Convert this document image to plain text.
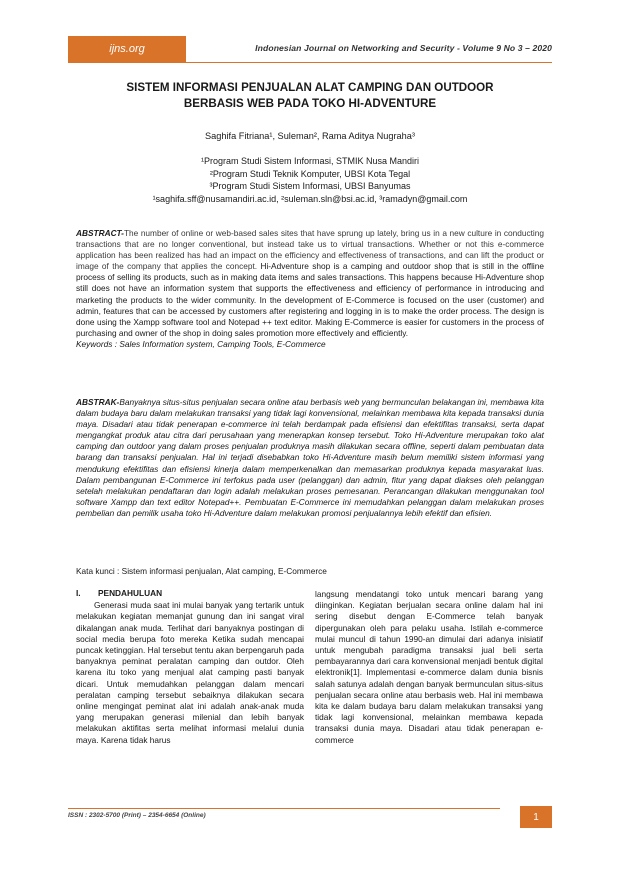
ijns.org	Indonesian Journal on Networking and Security - Volume 9 No 3 – 2020
SISTEM INFORMASI PENJUALAN ALAT CAMPING DAN OUTDOOR
BERBASIS WEB PADA TOKO HI-ADVENTURE
Saghifa Fitriana¹, Suleman², Rama Aditya Nugraha³
¹Program Studi Sistem Informasi, STMIK Nusa Mandiri
²Program Studi Teknik Komputer, UBSI Kota Tegal
³Program Studi Sistem Informasi, UBSI Banyumas
¹saghifa.sff@nusamandiri.ac.id, ²suleman.sln@bsi.ac.id, ³ramadyn@gmail.com
ABSTRACT-The number of online or web-based sales sites that have sprung up lately, bring us in a new culture in conducting transactions that are no longer conventional, but instead take us to virtual transactions. Whether or not this e-commerce application has been realized has had an impact on the efficiency and effectiveness of transactions, and can lift the product or image of the company that applies the concept. Hi-Adventure shop is a camping and outdoor shop that is still in the offline process of selling its products, such as in making data items and sales transactions. This happens because Hi-Adventure shop still does not have an information system that supports the effectiveness and efficiency of performance in introducing and marketing the products to the wider community. In the development of E-Commerce is focused on the user (customer) and admin, features that can be accessed by customers after registering and logging in is to make the order process. The design is done using the Xampp software tool and Notepad ++ text editor. Making E-Commerce is easier for customers in the process of purchasing and owner of the shop in doing sales promotion more effectively and efficiently.
Keywords : Sales Information system, Camping Tools, E-Commerce
ABSTRAK-Banyaknya situs-situs penjualan secara online atau berbasis web yang bermunculan belakangan ini, membawa kita dalam budaya baru dalam melakukan transaksi yang tidak lagi konvensional, melainkan membawa kita kepada transaksi dunia maya. Disadari atau tidak penerapan e-commerce ini telah berdampak pada efisiensi dan efektifitas transaksi, serta dapat mengangkat produk atau citra dari perusahaan yang menerapkan konsep tersebut. Toko Hi-Adventure merupakan toko alat camping dan outdoor yang dalam proses penjualan produknya masih dilakukan secara offline, seperti dalam pembuatan data barang dan transaksi penjualan. Hal ini terjadi disebabkan toko Hi-Adventure masih belum memiliki sistem informasi yang mendukung efektifitas dan efisiensi kinerja dalam memperkenalkan dan memasarkan produknya kepada masyarakat luas. Dalam pembangunan E-Commerce ini terfokus pada user (pelanggan) dan admin, fitur yang dapat diakses oleh pelanggan setelah melakukan pendaftaran dan login adalah melakukan proses pemesanan. Perancangan dilakukan menggunakan tool software Xampp dan text editor Notepad++. Pembuatan E-Commerce ini memudahkan pelanggan dalam melakukan proses pembelian dan pemilik usaha toko Hi-Adventure dalam melakukan promosi penjualannya lebih efektif dan efisien.
Kata kunci : Sistem informasi penjualan, Alat camping, E-Commerce
I.	PENDAHULUAN
Generasi muda saat ini mulai banyak yang tertarik untuk melakukan kegiatan memanjat gunung dan ini sangat viral dikalangan anak muda. Terlihat dari banyaknya postingan di social media berupa foto mereka Ketika sudah mencapai puncak ketinggian. Hal tersebut tentu akan berpengaruh pada banyaknya peminat peralatan camping dan outdor. Oleh karena itu toko yang menjual alat camping pasti banyak dicari. Untuk memudahkan pelanggan dalam mencari peralatan camping tersebut sebaiknya dilakukan secara online mengingat peminat alat ini adalah anak-anak muda yang merupakan generasi milenial dan lebih banyak melakukan aktifitas serta melihat informasi melalui dunia maya. Karena tidak harus
langsung mendatangi toko untuk mencari barang yang diinginkan. Kegiatan berjualan secara online dalam hal ini sering disebut dengan E-Commerce telah banyak dipergunakan oleh para pelaku usaha. Istilah e-commerce mulai muncul di tahun 1990-an dimulai dari adanya inisiatif untuk mengubah paradigma transaksi jual beli serta pembayarannya dari cara konvensional menjadi bentuk digital elektronik[1]. Implementasi e-commerce dalam dunia bisnis salah satunya adalah dengan banyak bermunculan situs-situs penjualan secara online atau berbasis web. Hal ini membawa kita ke dalam budaya baru dalam melakukan transaksi yang tidak lagi konvensional, melainkan membawa kepada transaksi dunia maya. Disadari atau tidak penerapan e-commerce
ISSN : 2302-5700 (Print) – 2354-6654 (Online)	1
